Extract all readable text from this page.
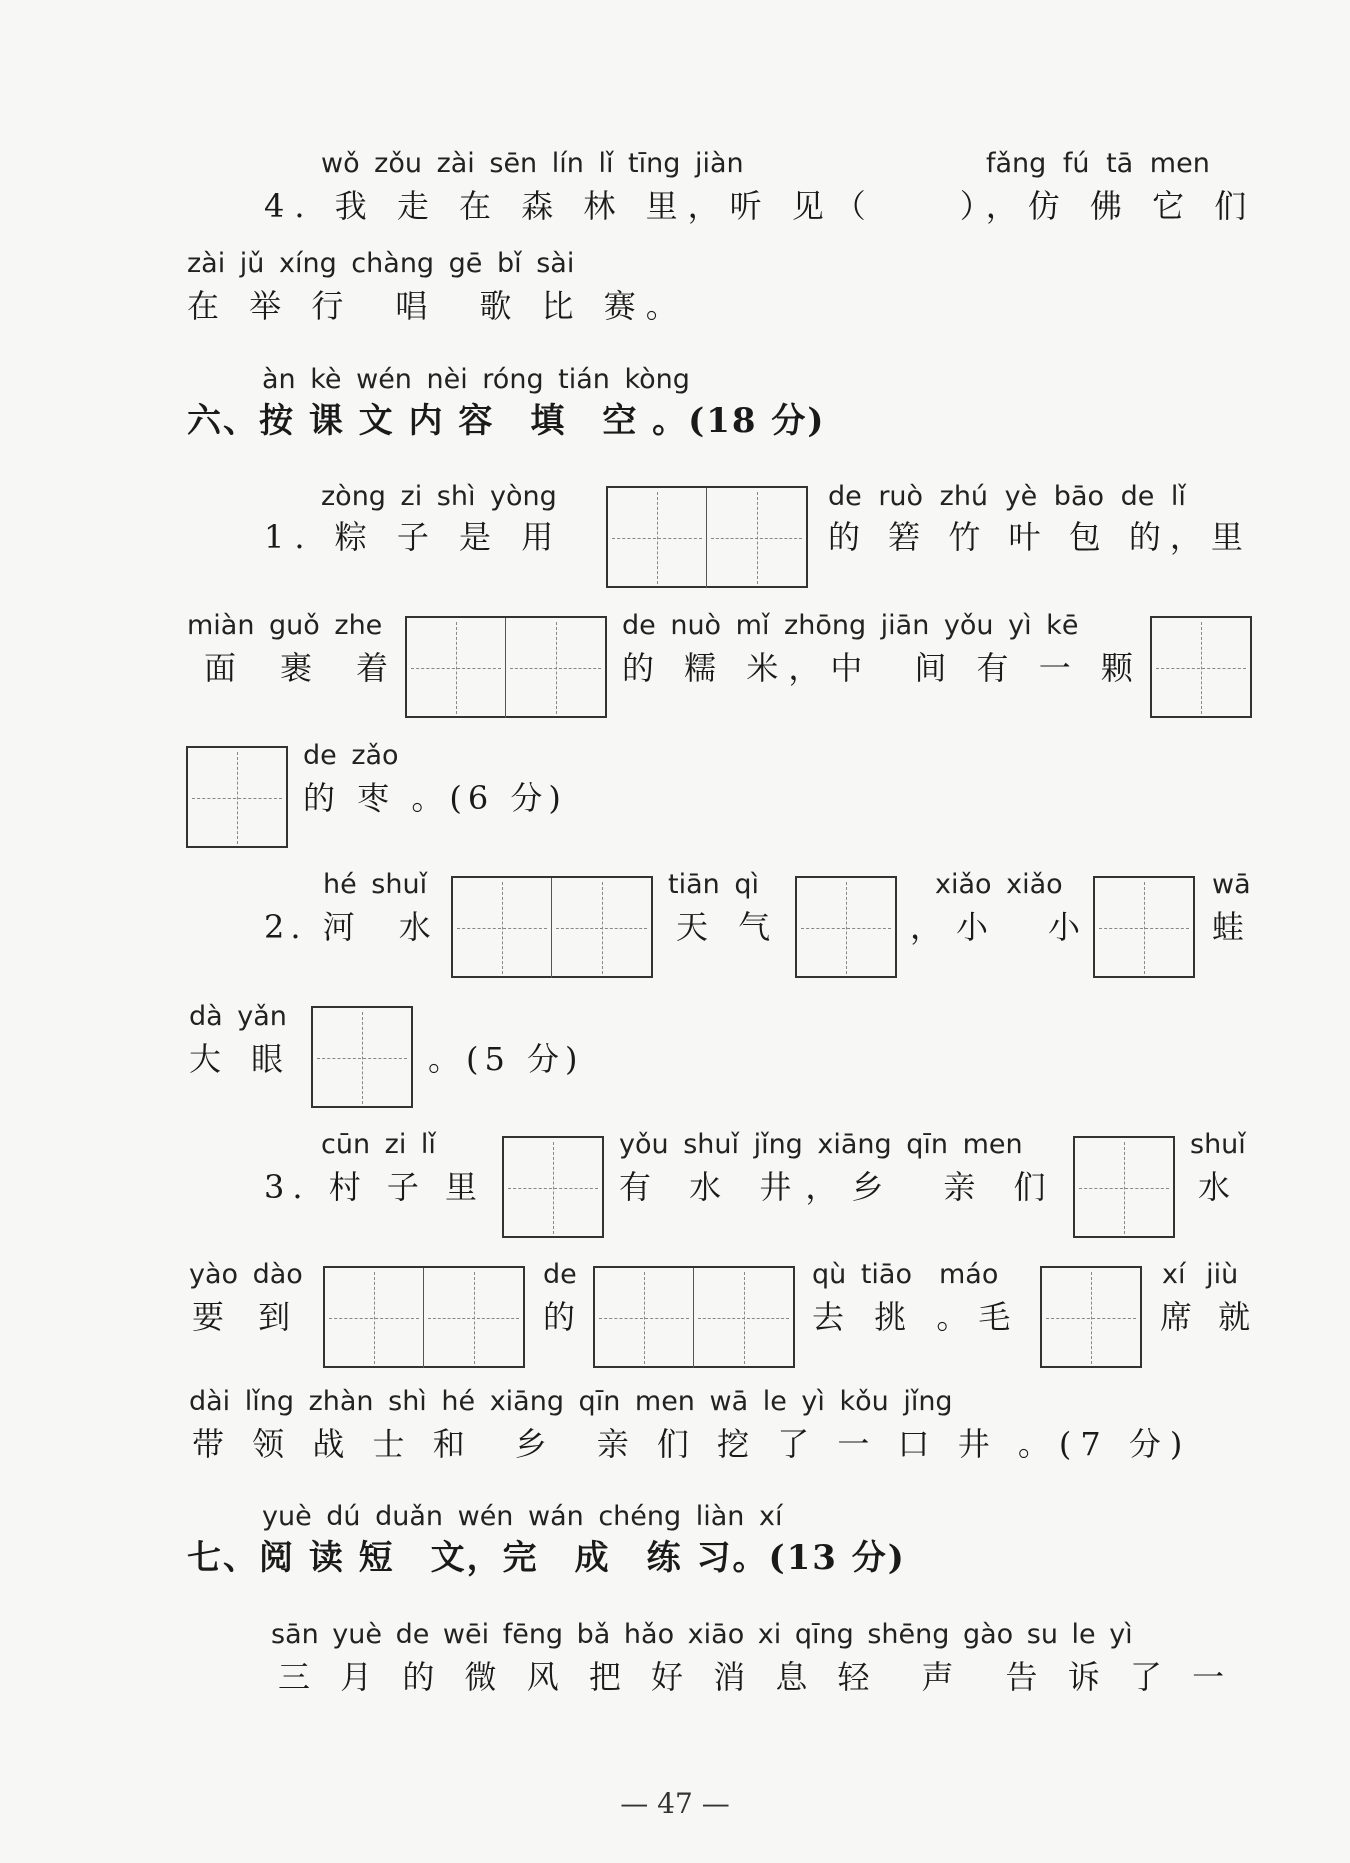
wǒ zǒu zài sēn lín lǐ tīng jiàn	fǎng fú tā men
4. 我 走 在 森 林 里，听 见（　　），仿 佛 它 们
zài jǔ xíng chàng gē bǐ sài
在 举 行　唱　歌 比 赛。
àn kè wén nèi róng tián kòng
六、按 课 文 内 容　填　空 。(18 分)
zòng zi shì yòng
1. 粽 子 是 用
de ruò zhú yè bāo de lǐ
的 箬 竹 叶 包 的，里
miàn guǒ zhe
面　裹　着
de nuò mǐ zhōng jiān yǒu yì kē
的 糯 米，中　间 有 一 颗
de zǎo
的 枣 。(6 分)
hé shuǐ
2. 河　水
tiān qì
天 气
xiǎo xiǎo
，小　小
wā
蛙
dà yǎn
大 眼	。(5 分)
cūn zi lǐ
3. 村 子 里
yǒu shuǐ jǐng xiāng qīn men
有 水 井，乡　亲 们
shuǐ
水
yào dào
要 到
de
的
qù tiāo　máo
去 挑 。毛
xí jiù
席 就
dài lǐng zhàn shì hé xiāng qīn men wā le yì kǒu jǐng
带 领 战 士 和　乡　亲 们 挖 了 一 口 井 。(7 分)
yuè dú duǎn wén wán chéng liàn xí
七、阅 读 短　文，完　成　练 习。(13 分)
sān yuè de wēi fēng bǎ hǎo xiāo xi qīng shēng gào su le yì
三 月 的 微 风 把 好 消 息 轻　声　告 诉 了 一
— 47 —
